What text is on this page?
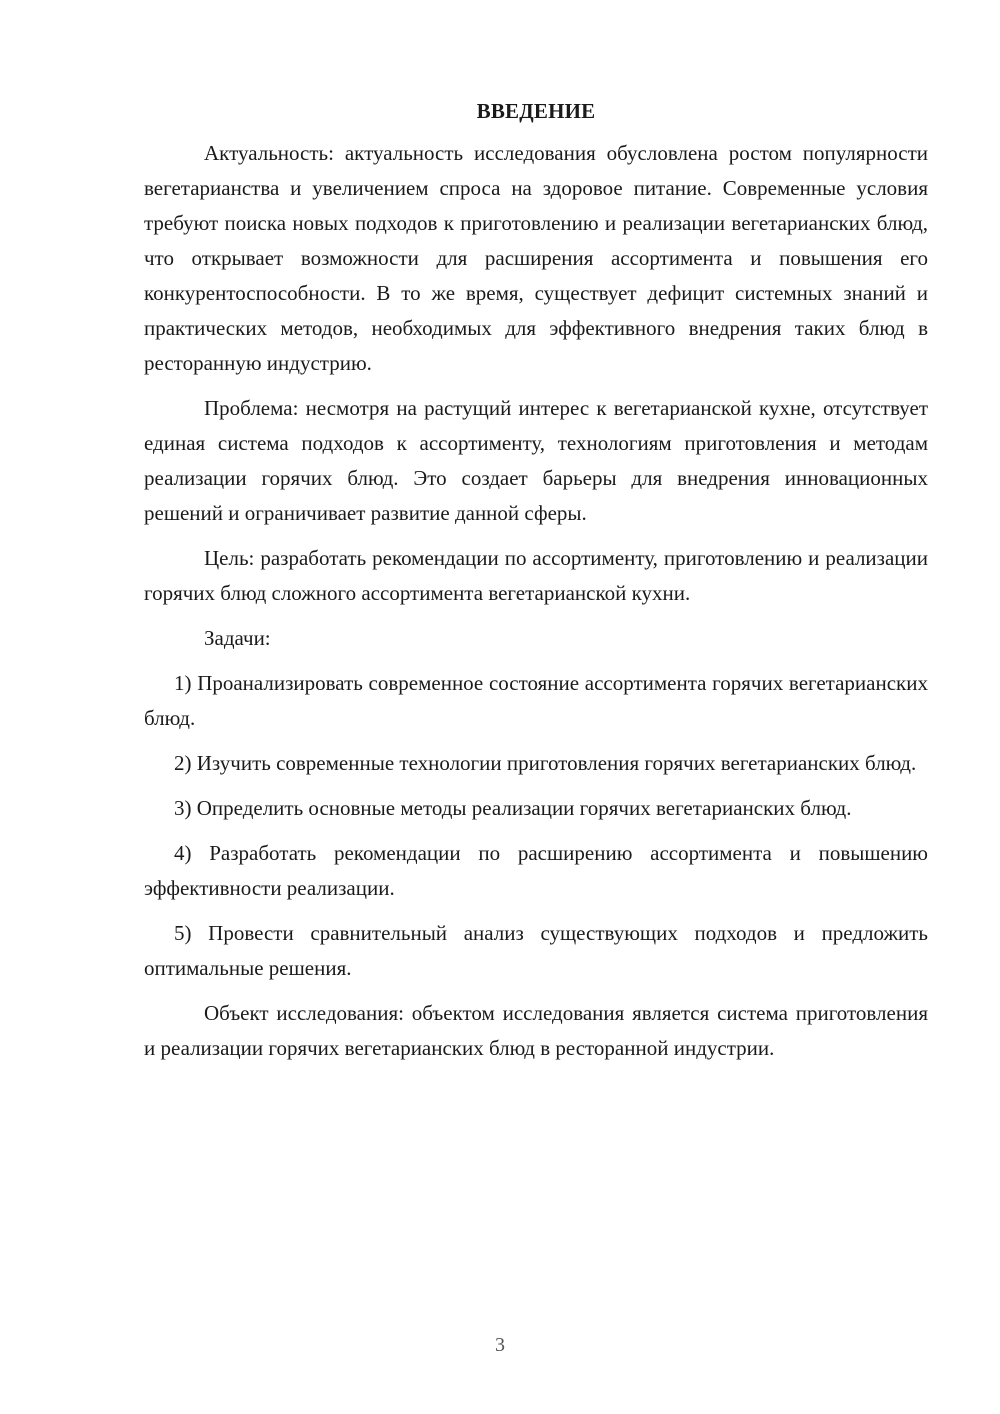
ВВЕДЕНИЕ

Актуальность: актуальность исследования обусловлена ростом популярности вегетарианства и увеличением спроса на здоровое питание. Современные условия требуют поиска новых подходов к приготовлению и реализации вегетарианских блюд, что открывает возможности для расширения ассортимента и повышения его конкурентоспособности. В то же время, существует дефицит системных знаний и практических методов, необходимых для эффективного внедрения таких блюд в ресторанную индустрию.

Проблема: несмотря на растущий интерес к вегетарианской кухне, отсутствует единая система подходов к ассортименту, технологиям приготовления и методам реализации горячих блюд. Это создает барьеры для внедрения инновационных решений и ограничивает развитие данной сферы.

Цель: разработать рекомендации по ассортименту, приготовлению и реализации горячих блюд сложного ассортимента вегетарианской кухни.

Задачи:

1) Проанализировать современное состояние ассортимента горячих вегетарианских блюд.

2) Изучить современные технологии приготовления горячих вегетарианских блюд.

3) Определить основные методы реализации горячих вегетарианских блюд.

4) Разработать рекомендации по расширению ассортимента и повышению эффективности реализации.

5) Провести сравнительный анализ существующих подходов и предложить оптимальные решения.

Объект исследования: объектом исследования является система приготовления и реализации горячих вегетарианских блюд в ресторанной индустрии.

3
